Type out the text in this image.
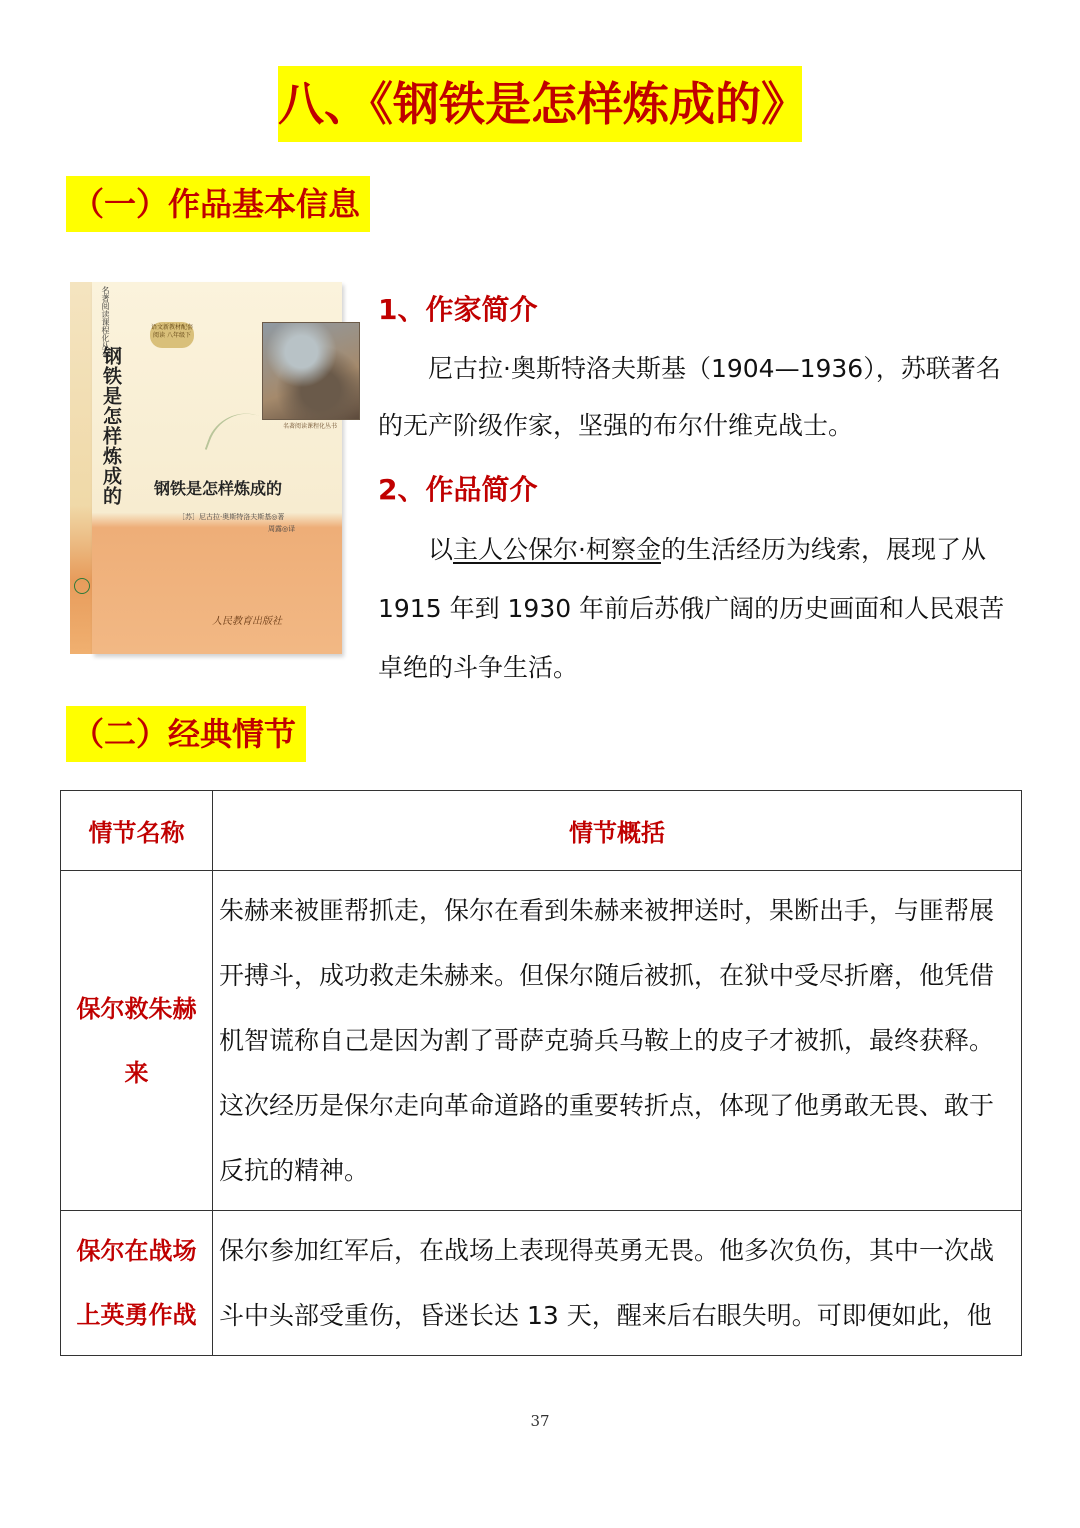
八、《钢铁是怎样炼成的》
（一）作品基本信息
名著阅读课程化丛书
钢铁是怎样炼成的
语文新教材配套阅读 八年级下
名著阅读课程化丛书
钢铁是怎样炼成的
［苏］尼古拉·奥斯特洛夫斯基◎著
周露◎译
人民教育出版社
1、作家简介
尼古拉·奥斯特洛夫斯基（1904—1936），苏联著名的无产阶级作家，坚强的布尔什维克战士。
2、作品简介
以主人公保尔·柯察金的生活经历为线索，展现了从 1915 年到 1930 年前后苏俄广阔的历史画面和人民艰苦卓绝的斗争生活。
（二）经典情节
情节名称	情节概括
保尔救朱赫来	朱赫来被匪帮抓走，保尔在看到朱赫来被押送时，果断出手，与匪帮展开搏斗，成功救走朱赫来。但保尔随后被抓，在狱中受尽折磨，他凭借机智谎称自己是因为割了哥萨克骑兵马鞍上的皮子才被抓，最终获释。这次经历是保尔走向革命道路的重要转折点，体现了他勇敢无畏、敢于反抗的精神。
保尔在战场上英勇作战	保尔参加红军后，在战场上表现得英勇无畏。他多次负伤，其中一次战斗中头部受重伤，昏迷长达 13 天，醒来后右眼失明。可即便如此，他
37
